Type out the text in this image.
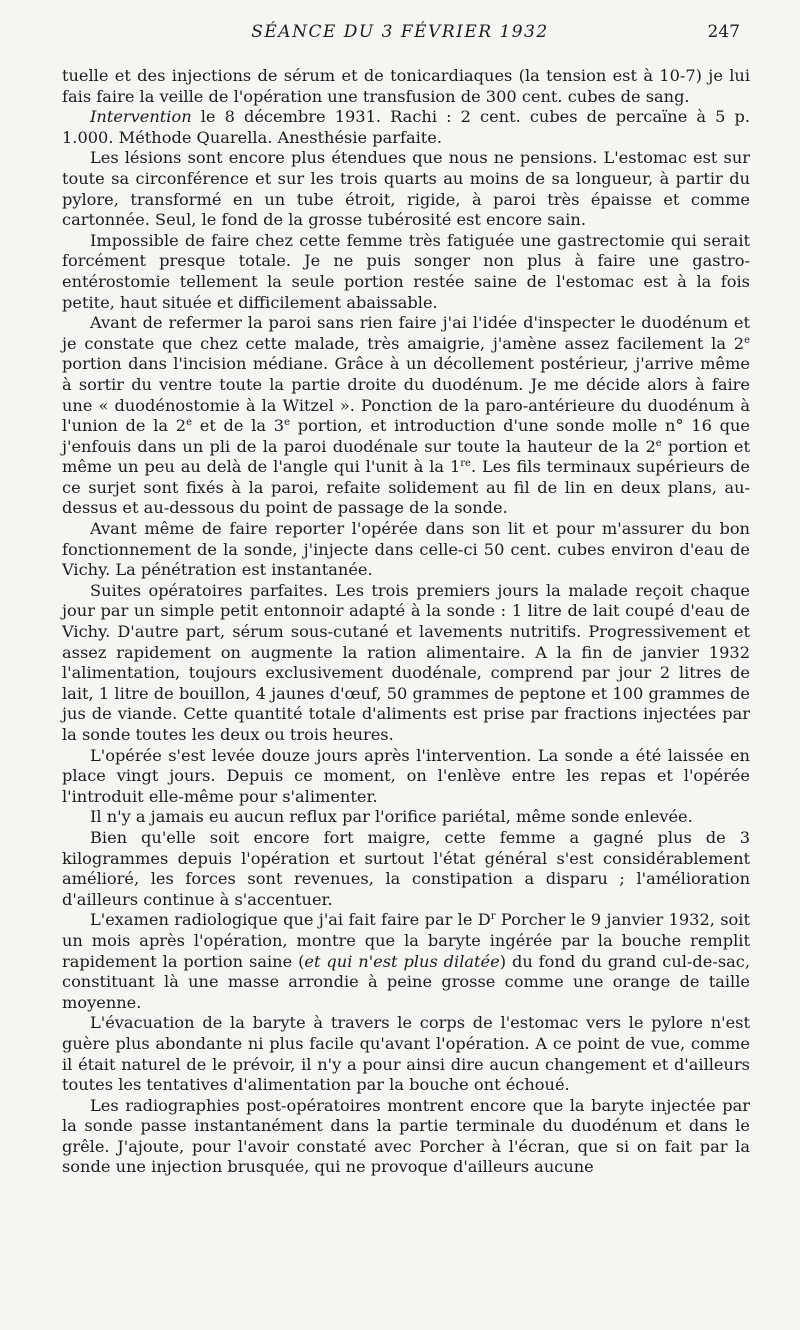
SÉANCE DU 3 FÉVRIER 1932	247

tuelle et des injections de sérum et de tonicardiaques (la tension est à 10-7) je lui fais faire la veille de l'opération une transfusion de 300 cent. cubes de sang.

Intervention le 8 décembre 1931. Rachi : 2 cent. cubes de percaïne à 5 p. 1.000. Méthode Quarella. Anesthésie parfaite.

Les lésions sont encore plus étendues que nous ne pensions. L'estomac est sur toute sa circonférence et sur les trois quarts au moins de sa longueur, à partir du pylore, transformé en un tube étroit, rigide, à paroi très épaisse et comme cartonnée. Seul, le fond de la grosse tubérosité est encore sain.

Impossible de faire chez cette femme très fatiguée une gastrectomie qui serait forcément presque totale. Je ne puis songer non plus à faire une gastro-entérostomie tellement la seule portion restée saine de l'estomac est à la fois petite, haut située et difficilement abaissable.

Avant de refermer la paroi sans rien faire j'ai l'idée d'inspecter le duodénum et je constate que chez cette malade, très amaigrie, j'amène assez facilement la 2e portion dans l'incision médiane. Grâce à un décollement postérieur, j'arrive même à sortir du ventre toute la partie droite du duodénum. Je me décide alors à faire une « duodénostomie à la Witzel ». Ponction de la paro-antérieure du duodénum à l'union de la 2e et de la 3e portion, et introduction d'une sonde molle n° 16 que j'enfouis dans un pli de la paroi duodénale sur toute la hauteur de la 2e portion et même un peu au delà de l'angle qui l'unit à la 1re. Les fils terminaux supérieurs de ce surjet sont fixés à la paroi, refaite solidement au fil de lin en deux plans, au-dessus et au-dessous du point de passage de la sonde.

Avant même de faire reporter l'opérée dans son lit et pour m'assurer du bon fonctionnement de la sonde, j'injecte dans celle-ci 50 cent. cubes environ d'eau de Vichy. La pénétration est instantanée.

Suites opératoires parfaites. Les trois premiers jours la malade reçoit chaque jour par un simple petit entonnoir adapté à la sonde : 1 litre de lait coupé d'eau de Vichy. D'autre part, sérum sous-cutané et lavements nutritifs. Progressivement et assez rapidement on augmente la ration alimentaire. A la fin de janvier 1932 l'alimentation, toujours exclusivement duodénale, comprend par jour 2 litres de lait, 1 litre de bouillon, 4 jaunes d'œuf, 50 grammes de peptone et 100 grammes de jus de viande. Cette quantité totale d'aliments est prise par fractions injectées par la sonde toutes les deux ou trois heures.

L'opérée s'est levée douze jours après l'intervention. La sonde a été laissée en place vingt jours. Depuis ce moment, on l'enlève entre les repas et l'opérée l'introduit elle-même pour s'alimenter.

Il n'y a jamais eu aucun reflux par l'orifice pariétal, même sonde enlevée.

Bien qu'elle soit encore fort maigre, cette femme a gagné plus de 3 kilogrammes depuis l'opération et surtout l'état général s'est considérablement amélioré, les forces sont revenues, la constipation a disparu ; l'amélioration d'ailleurs continue à s'accentuer.

L'examen radiologique que j'ai fait faire par le $D^r$ Porcher le 9 janvier 1932, soit un mois après l'opération, montre que la baryte ingérée par la bouche remplit rapidement la portion saine (et qui n'est plus dilatée) du fond du grand cul-de-sac, constituant là une masse arrondie à peine grosse comme une orange de taille moyenne.

L'évacuation de la baryte à travers le corps de l'estomac vers le pylore n'est guère plus abondante ni plus facile qu'avant l'opération. A ce point de vue, comme il était naturel de le prévoir, il n'y a pour ainsi dire aucun changement et d'ailleurs toutes les tentatives d'alimentation par la bouche ont échoué.

Les radiographies post-opératoires montrent encore que la baryte injectée par la sonde passe instantanément dans la partie terminale du duodénum et dans le grêle. J'ajoute, pour l'avoir constaté avec Porcher à l'écran, que si on fait par la sonde une injection brusquée, qui ne provoque d'ailleurs aucune
